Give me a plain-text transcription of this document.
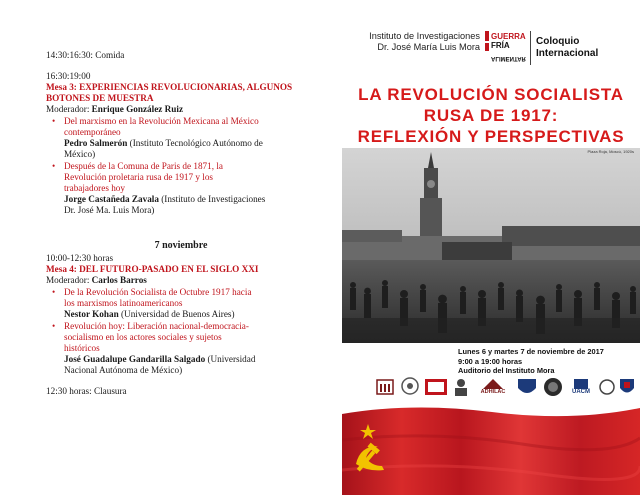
14:30:16:30: Comida
16:30:19:00
Mesa 3: EXPERIENCIAS REVOLUCIONARIAS, ALGUNOS
BOTONES DE MUESTRA
Moderador: Enrique González Ruiz
• Del marxismo en la Revolución Mexicana al México
contemporáneo
Pedro Salmerón (Instituto Tecnológico Autónomo de
México)
• Después de la Comuna de Paris de 1871, la
Revolución proletaria rusa de 1917 y los
trabajadores hoy
Jorge Castañeda Zavala (Instituto de Investigaciones
Dr. José Ma. Luis Mora)
7 noviembre
10:00-12:30 horas
Mesa 4: DEL FUTURO-PASADO EN EL SIGLO XXI
Moderador: Carlos Barros
• De la Revolución Socialista de Octubre 1917 hacia
los marxismos latinoamericanos
Nestor Kohan (Universidad de Buenos Aires)
• Revolución hoy: Liberación nacional-democracia-
socialismo en los actores sociales y sujetos
históricos
José Guadalupe Gandarilla Salgado (Universidad
Nacional Autónoma de México)
12:30 horas: Clausura
Instituto de Investigaciones
Dr. José María Luis Mora
GUERRA
FRÍA
ALIMENTAR
Coloquio
Internacional
LA REVOLUCIÓN SOCIALISTA
RUSA DE 1917:
REFLEXIÓN Y PERSPECTIVAS
Plaza Roja, Moscú, 1920s
Lunes 6 y martes 7 de noviembre de 2017
9:00 a 19:00 horas
Auditorio del Instituto Mora
ADHILAC	UACM
